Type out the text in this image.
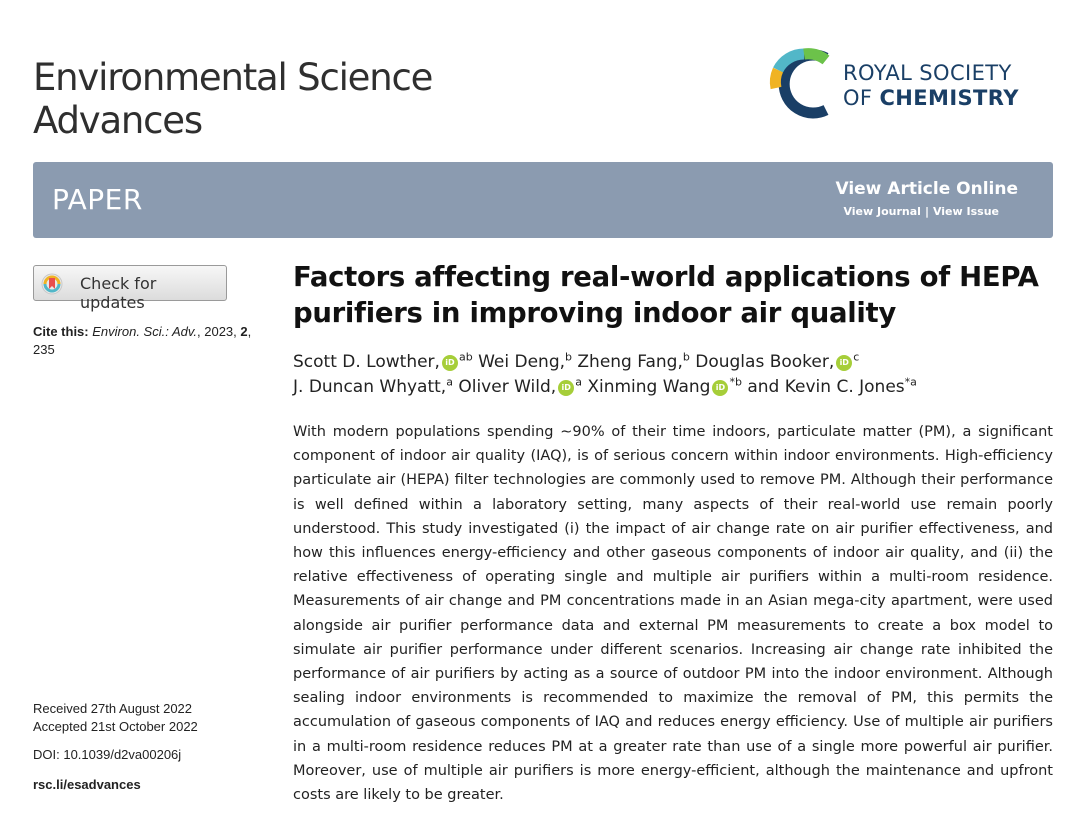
Environmental Science
Advances
ROYAL SOCIETY
OF CHEMISTRY
PAPER	View Article Online
View Journal | View Issue
Check for updates
Cite this: Environ. Sci.: Adv., 2023, 2, 235
Factors affecting real-world applications of HEPA purifiers in improving indoor air quality
Scott D. Lowther, iD $^{ab}$ Wei Deng,$^b$ Zheng Fang,$^b$ Douglas Booker, iD $^c$
J. Duncan Whyatt,$^a$ Oliver Wild, iD $^a$ Xinming Wang iD $^{*b}$ and Kevin C. Jones$^{*a}$
With modern populations spending ∼90% of their time indoors, particulate matter (PM), a significant component of indoor air quality (IAQ), is of serious concern within indoor environments. High-efficiency particulate air (HEPA) filter technologies are commonly used to remove PM. Although their performance is well defined within a laboratory setting, many aspects of their real-world use remain poorly understood. This study investigated (i) the impact of air change rate on air purifier effectiveness, and how this influences energy-efficiency and other gaseous components of indoor air quality, and (ii) the relative effectiveness of operating single and multiple air purifiers within a multi-room residence. Measurements of air change and PM concentrations made in an Asian mega-city apartment, were used alongside air purifier performance data and external PM measurements to create a box model to simulate air purifier performance under different scenarios. Increasing air change rate inhibited the performance of air purifiers by acting as a source of outdoor PM into the indoor environment. Although sealing indoor environments is recommended to maximize the removal of PM, this permits the accumulation of gaseous components of IAQ and reduces energy efficiency. Use of multiple air purifiers in a multi-room residence reduces PM at a greater rate than use of a single more powerful air purifier. Moreover, use of multiple air purifiers is more energy-efficient, although the maintenance and upfront costs are likely to be greater.
Received 27th August 2022
Accepted 21st October 2022
DOI: 10.1039/d2va00206j
rsc.li/esadvances
